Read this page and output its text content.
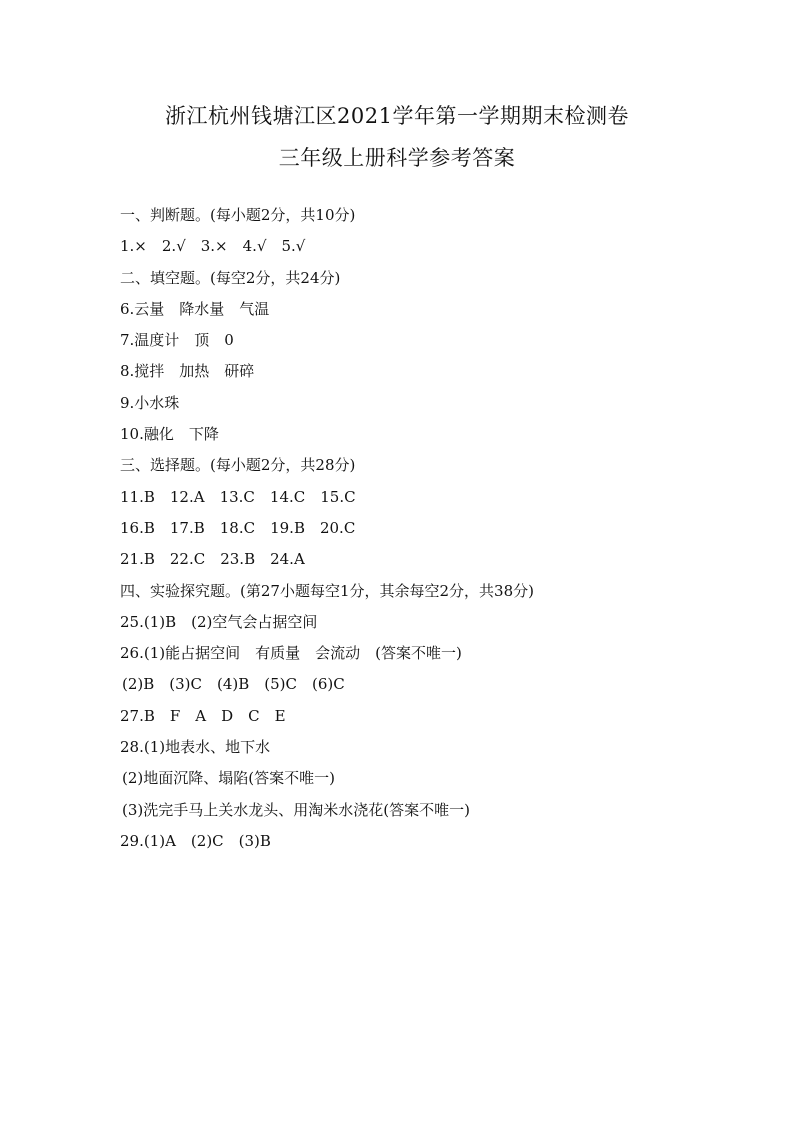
浙江杭州钱塘江区2021学年第一学期期末检测卷
三年级上册科学参考答案
一、判断题。(每小题2分，共10分)
1.×　2.√　3.×　4.√　5.√
二、填空题。(每空2分，共24分)
6.云量　降水量　气温
7.温度计　顶　0
8.搅拌　加热　研碎
9.小水珠
10.融化　下降
三、选择题。(每小题2分，共28分)
11.B　12.A　13.C　14.C　15.C
16.B　17.B　18.C　19.B　20.C
21.B　22.C　23.B　24.A
四、实验探究题。(第27小题每空1分，其余每空2分，共38分)
25.(1)B　(2)空气会占据空间
26.(1)能占据空间　有质量　会流动　(答案不唯一)
(2)B　(3)C　(4)B　(5)C　(6)C
27.B　F　A　D　C　E
28.(1)地表水、地下水
(2)地面沉降、塌陷(答案不唯一)
(3)洗完手马上关水龙头、用淘米水浇花(答案不唯一)
29.(1)A　(2)C　(3)B
